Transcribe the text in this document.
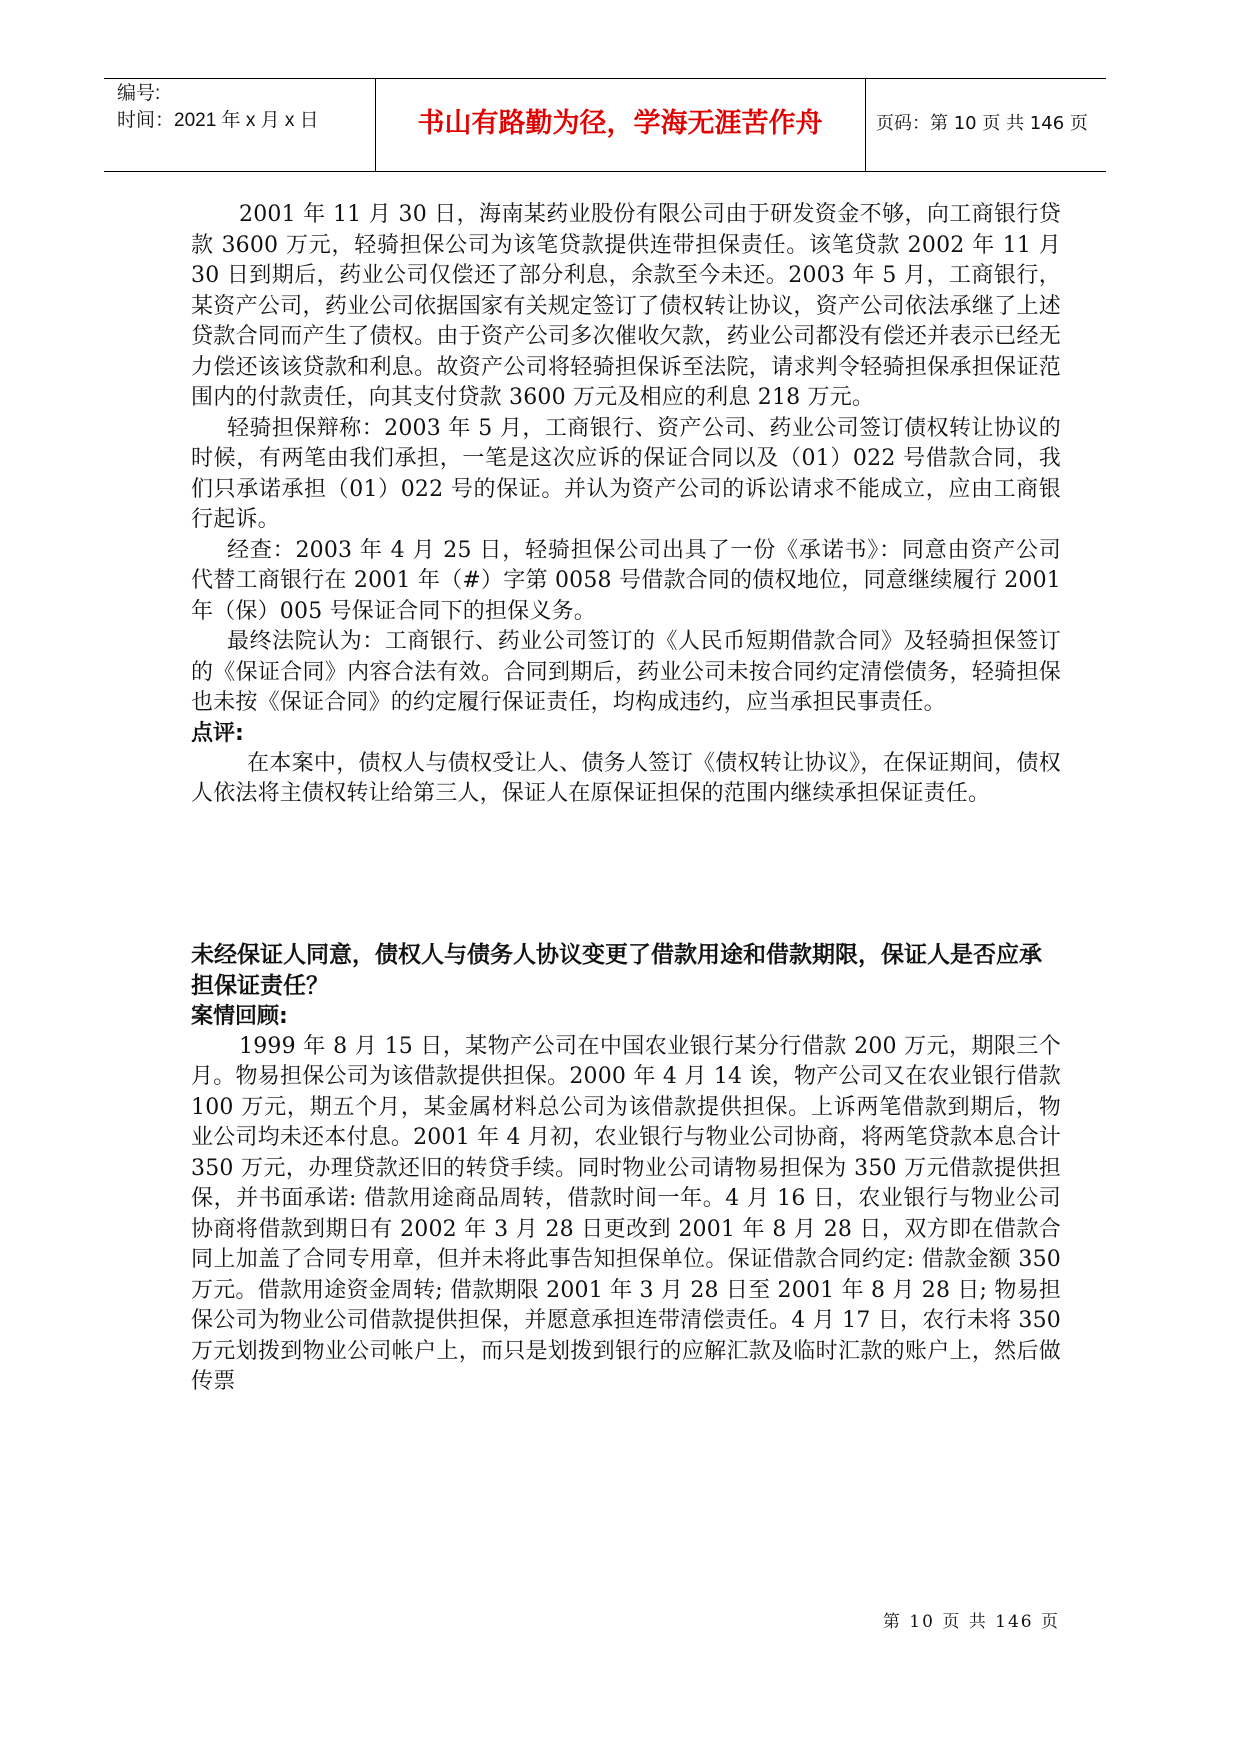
编号:
时间：2021 年 x 月 x 日	书山有路勤为径，学海无涯苦作舟	页码：第 10 页 共 146 页

2001 年 11 月 30 日，海南某药业股份有限公司由于研发资金不够，向工商银行贷款 3600 万元，轻骑担保公司为该笔贷款提供连带担保责任。该笔贷款 2002 年 11 月 30 日到期后，药业公司仅偿还了部分利息，余款至今未还。2003 年 5 月，工商银行，某资产公司，药业公司依据国家有关规定签订了债权转让协议，资产公司依法承继了上述贷款合同而产生了债权。由于资产公司多次催收欠款，药业公司都没有偿还并表示已经无力偿还该该贷款和利息。故资产公司将轻骑担保诉至法院，请求判令轻骑担保承担保证范围内的付款责任，向其支付贷款 3600 万元及相应的利息 218 万元。

轻骑担保辩称：2003 年 5 月，工商银行、资产公司、药业公司签订债权转让协议的时候，有两笔由我们承担，一笔是这次应诉的保证合同以及（01）022 号借款合同，我们只承诺承担（01）022 号的保证。并认为资产公司的诉讼请求不能成立，应由工商银行起诉。

经查：2003 年 4 月 25 日，轻骑担保公司出具了一份《承诺书》：同意由资产公司代替工商银行在 2001 年（#）字第 0058 号借款合同的债权地位，同意继续履行 2001 年（保）005 号保证合同下的担保义务。

最终法院认为：工商银行、药业公司签订的《人民币短期借款合同》及轻骑担保签订的《保证合同》内容合法有效。合同到期后，药业公司未按合同约定清偿债务，轻骑担保也未按《保证合同》的约定履行保证责任，均构成违约，应当承担民事责任。

点评:

在本案中，债权人与债权受让人、债务人签订《债权转让协议》，在保证期间，债权人依法将主债权转让给第三人，保证人在原保证担保的范围内继续承担保证责任。

未经保证人同意，债权人与债务人协议变更了借款用途和借款期限，保证人是否应承担保证责任？
案情回顾:

1999 年 8 月 15 日，某物产公司在中国农业银行某分行借款 200 万元，期限三个月。物易担保公司为该借款提供担保。2000 年 4 月 14 诶，物产公司又在农业银行借款 100 万元，期五个月，某金属材料总公司为该借款提供担保。上诉两笔借款到期后，物业公司均未还本付息。2001 年 4 月初，农业银行与物业公司协商，将两笔贷款本息合计 350 万元，办理贷款还旧的转贷手续。同时物业公司请物易担保为 350 万元借款提供担保，并书面承诺: 借款用途商品周转，借款时间一年。4 月 16 日，农业银行与物业公司协商将借款到期日有 2002 年 3 月 28 日更改到 2001 年 8 月 28 日，双方即在借款合同上加盖了合同专用章，但并未将此事告知担保单位。保证借款合同约定: 借款金额 350 万元。借款用途资金周转; 借款期限 2001 年 3 月 28 日至 2001 年 8 月 28 日; 物易担保公司为物业公司借款提供担保，并愿意承担连带清偿责任。4 月 17 日，农行未将 350 万元划拨到物业公司帐户上，而只是划拨到银行的应解汇款及临时汇款的账户上，然后做传票

第 10 页 共 146 页
